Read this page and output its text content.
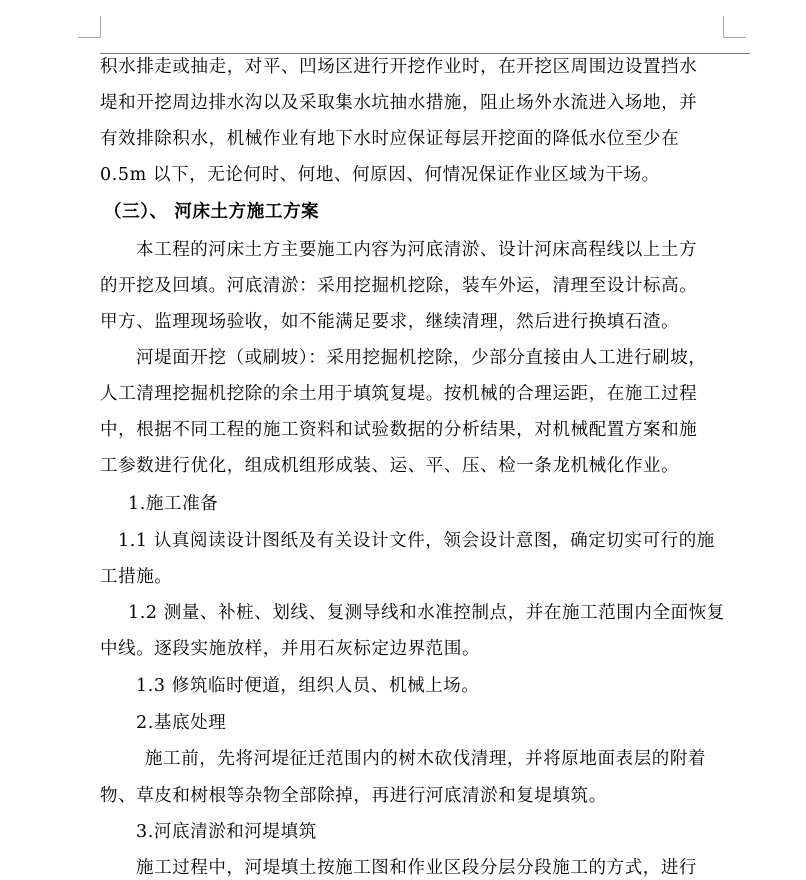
积水排走或抽走，对平、凹场区进行开挖作业时，在开挖区周围边设置挡水
堤和开挖周边排水沟以及采取集水坑抽水措施，阻止场外水流进入场地，并
有效排除积水，机械作业有地下水时应保证每层开挖面的降低水位至少在
0.5m 以下，无论何时、何地、何原因、何情况保证作业区域为干场。
（三）、 河床土方施工方案
本工程的河床土方主要施工内容为河底清淤、设计河床高程线以上土方
的开挖及回填。河底清淤：采用挖掘机挖除，装车外运，清理至设计标高。
甲方、监理现场验收，如不能满足要求，继续清理，然后进行换填石渣。
河堤面开挖（或刷坡）：采用挖掘机挖除，少部分直接由人工进行刷坡，
人工清理挖掘机挖除的余土用于填筑复堤。按机械的合理运距，在施工过程
中，根据不同工程的施工资料和试验数据的分析结果，对机械配置方案和施
工参数进行优化，组成机组形成装、运、平、压、检一条龙机械化作业。
1.施工准备
1.1 认真阅读设计图纸及有关设计文件，领会设计意图，确定切实可行的施
工措施。
1.2 测量、补桩、划线、复测导线和水准控制点，并在施工范围内全面恢复
中线。逐段实施放样，并用石灰标定边界范围。
1.3 修筑临时便道，组织人员、机械上场。
2.基底处理
施工前，先将河堤征迁范围内的树木砍伐清理，并将原地面表层的附着
物、草皮和树根等杂物全部除掉，再进行河底清淤和复堤填筑。
3.河底清淤和河堤填筑
施工过程中，河堤填土按施工图和作业区段分层分段施工的方式，进行
